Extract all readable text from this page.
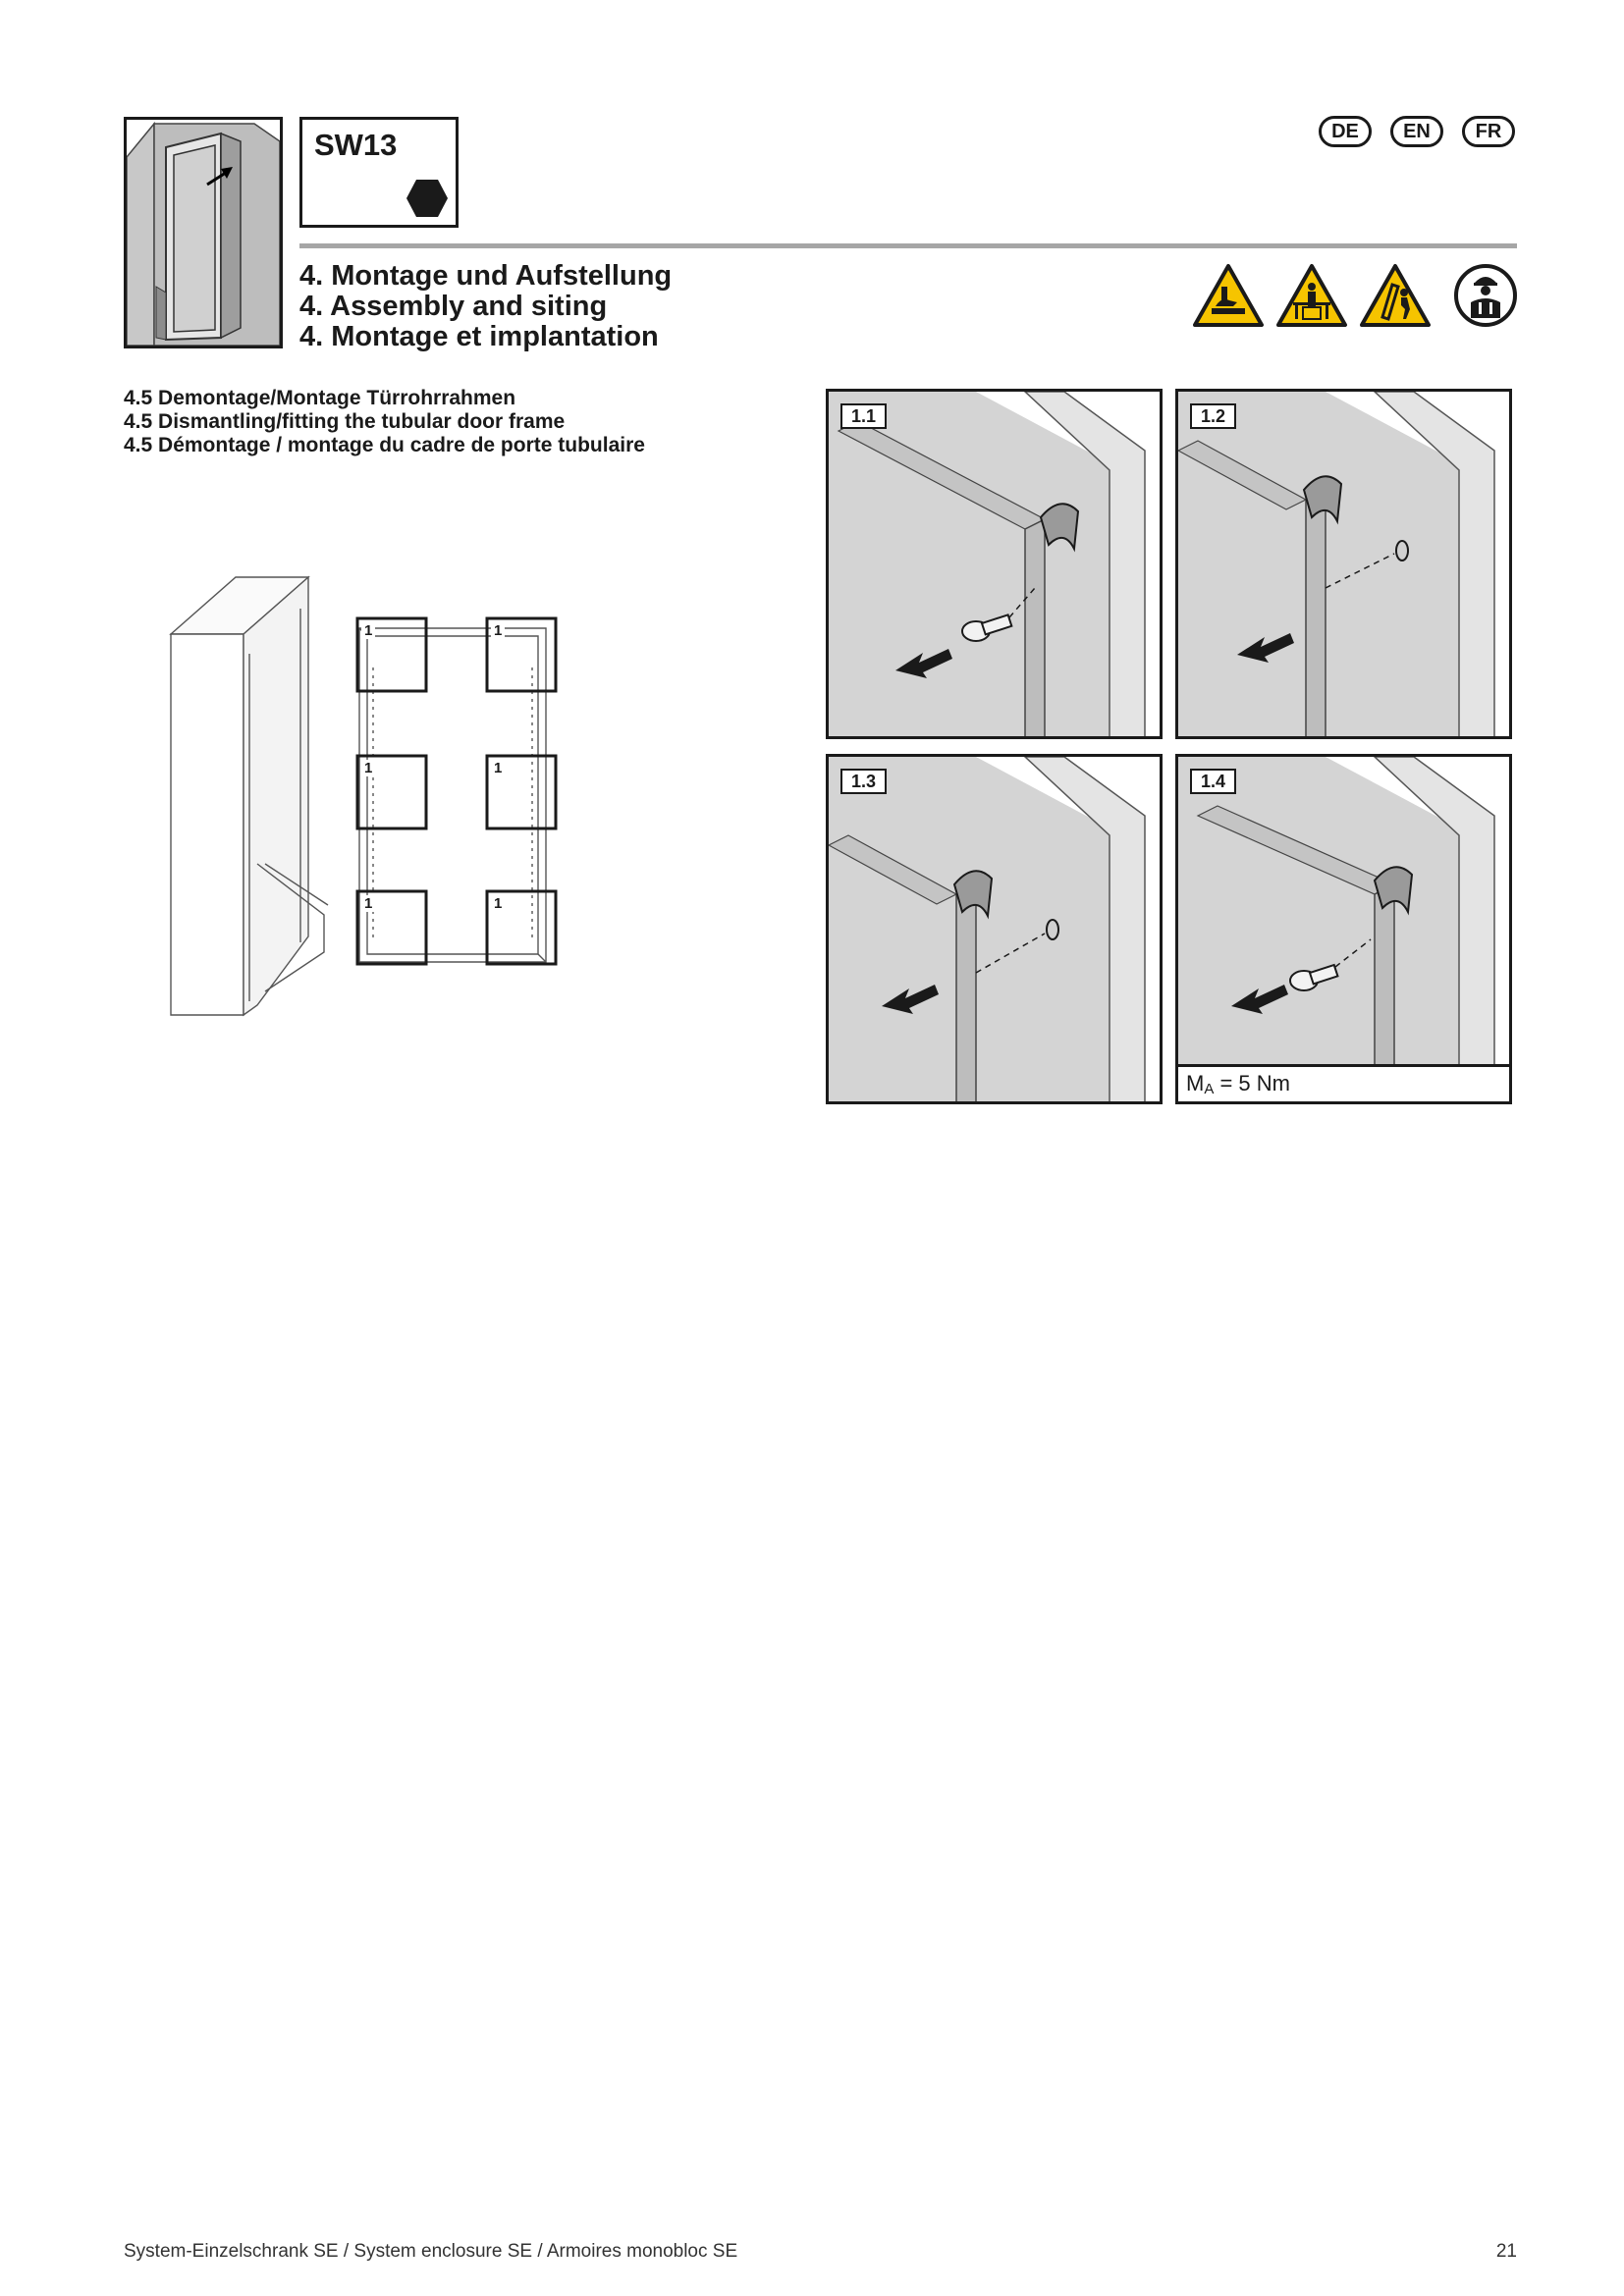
SW13	DE	EN	FR
4. Montage und Aufstellung
4. Assembly and siting
4. Montage et implantation
4.5 Demontage/Montage Türrohrrahmen
4.5 Dismantling/fitting the tubular door frame
4.5 Démontage / montage du cadre de porte tubulaire
1	1
1	1
1	1
1.1	1.2
1.3	1.4
$M_A = 5$ Nm
System-Einzelschrank SE / System enclosure SE / Armoires monobloc SE	21
